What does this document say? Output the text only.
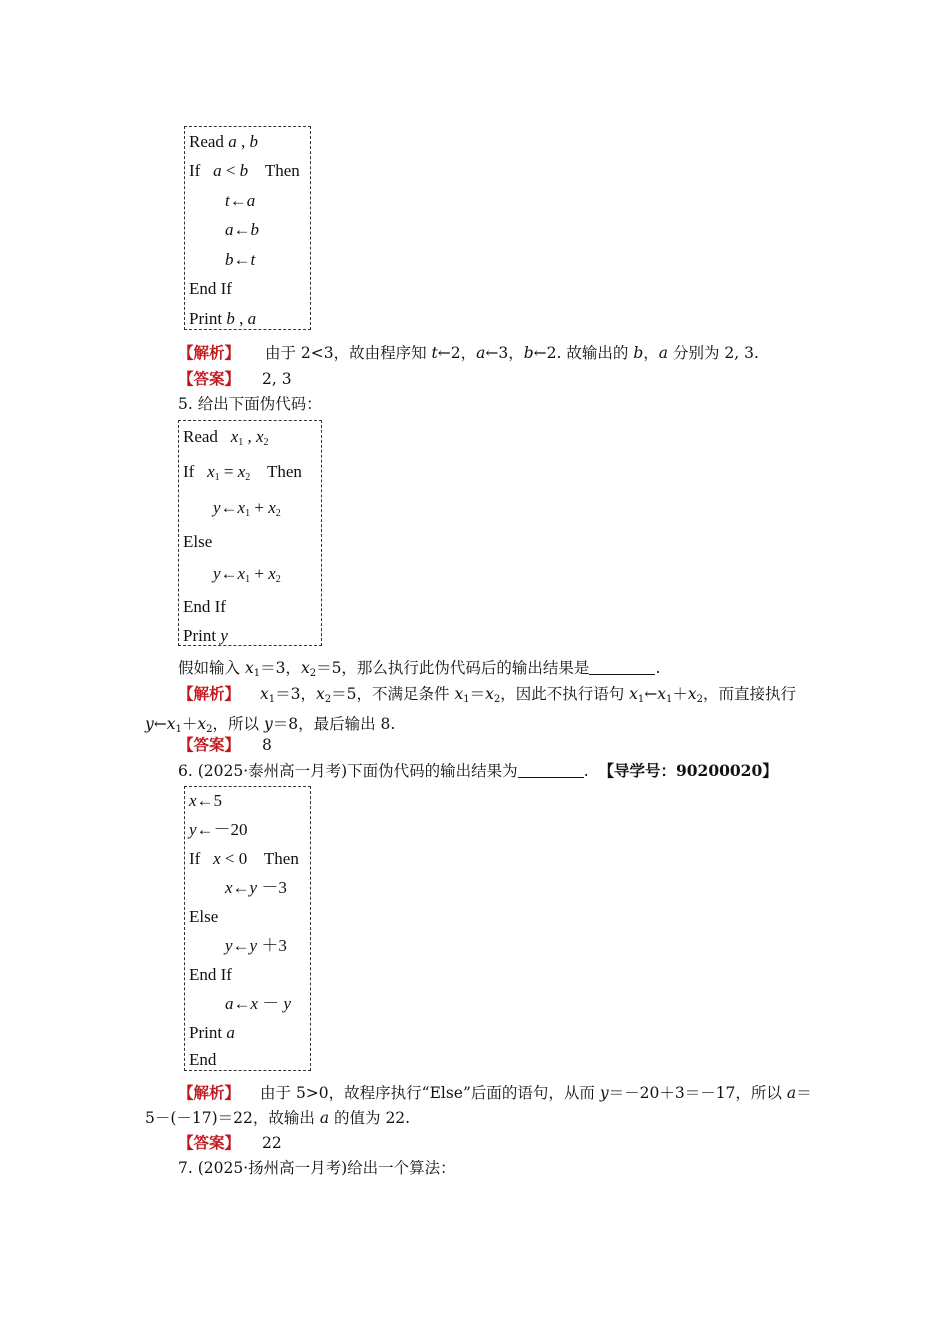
Read a , b
If   a < b    Then
t←a
a←b
b←t
End If
Print b , a
【解析】 由于 2<3，故由程序知 t←2，a←3，b←2. 故输出的 b，a 分别为 2, 3.
【答案】 2, 3
5. 给出下面伪代码：
Read   $x_1$ , $x_2$
If   $x_1 = x_2$    Then
$y\leftarrow x_1 + x_2$
Else
$y\leftarrow x_1 + x_2$
End If
Print y
假如输入 $x_1=3$，$x_2=5$，那么执行此伪代码后的输出结果是	.
【解析】 $x_1=3$，$x_2=5$，不满足条件 $x_1=x_2$，因此不执行语句 $x_1\leftarrow x_1+x_2$，而直接执行 $y\leftarrow x_1+x_2$，所以 y＝8，最后输出 8.
【答案】 8
6. (2025·泰州高一月考)下面伪代码的输出结果为	.  【导学号：90200020】
x←5
y←－20
If   x < 0    Then
x←y －3
Else
y←y ＋3
End If
a←x － y
Print a
End
【解析】 由于 5>0，故程序执行“Else”后面的语句，从而 y＝－20＋3＝－17，所以 a＝5－(－17)＝22，故输出 a 的值为 22.
【答案】 22
7. (2025·扬州高一月考)给出一个算法：
